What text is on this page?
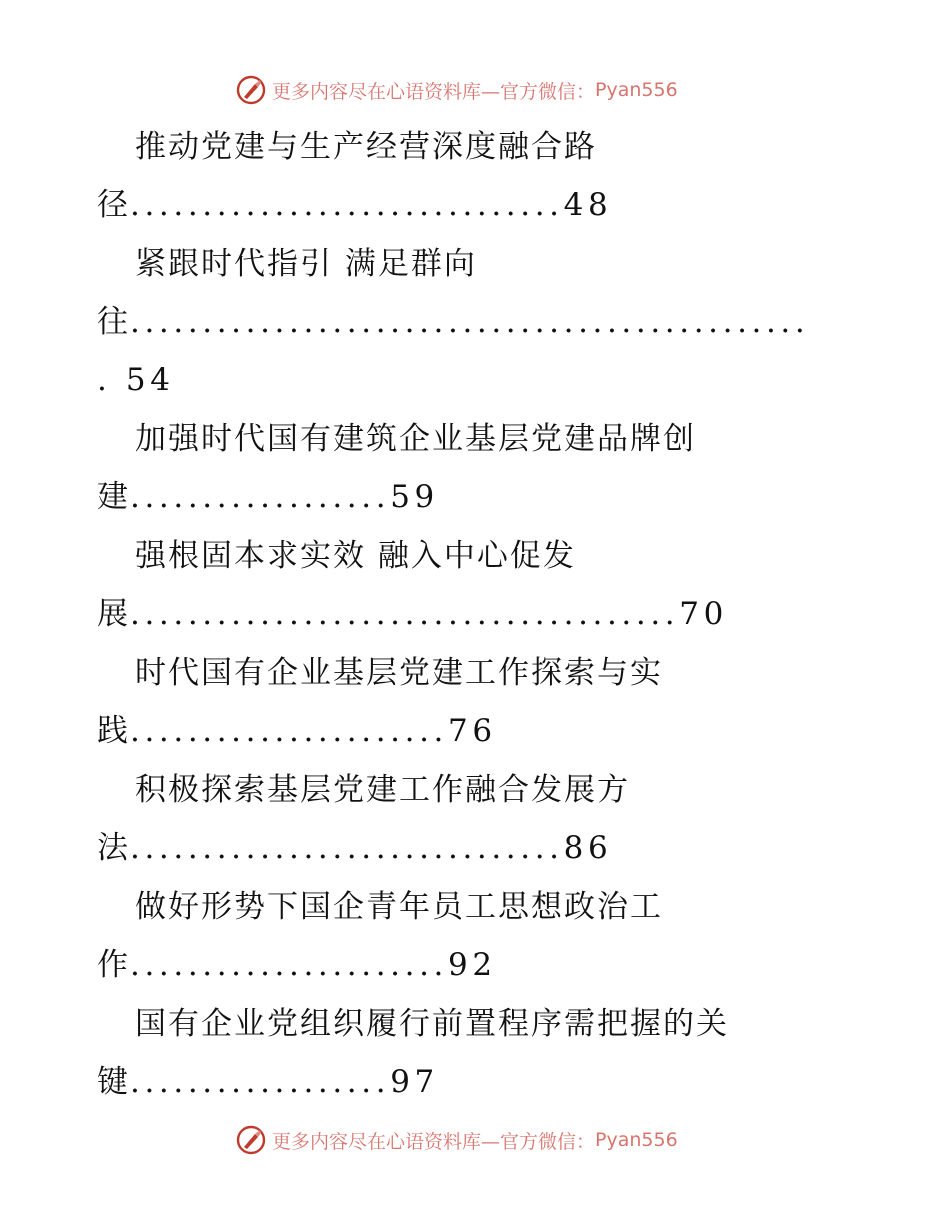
更多内容尽在心语资料库—官方微信： Pyan556
推动党建与生产经营深度融合路
径..............................48
紧跟时代指引 满足群向
往...............................................
. 54
加强时代国有建筑企业基层党建品牌创
建..................59
强根固本求实效 融入中心促发
展......................................70
时代国有企业基层党建工作探索与实
践......................76
积极探索基层党建工作融合发展方
法..............................86
做好形势下国企青年员工思想政治工
作......................92
国有企业党组织履行前置程序需把握的关
键..................97
更多内容尽在心语资料库—官方微信： Pyan556
